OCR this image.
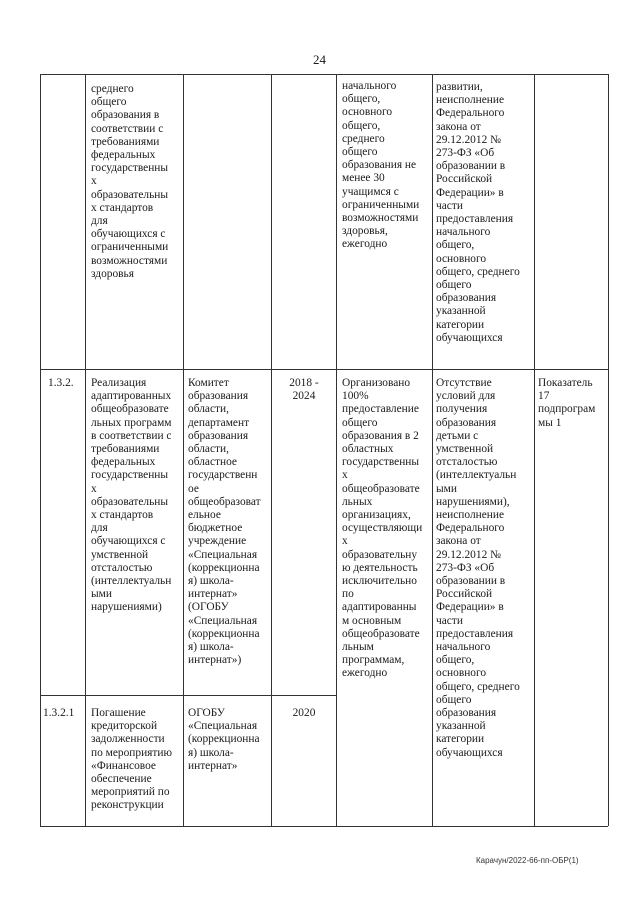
24

среднего
общего
образования в
соответствии с
требованиями
федеральных
государственны
х
образовательны
х стандартов
для
обучающихся с
ограниченными
возможностями
здоровья

начального
общего,
основного
общего,
среднего
общего
образования не
менее 30
учащимся с
ограниченными
возможностями
здоровья,
ежегодно

развитии,
неисполнение
Федерального
закона от
29.12.2012 №
273-ФЗ «Об
образовании в
Российской
Федерации» в
части
предоставления
начального
общего,
основного
общего, среднего
общего
образования
указанной
категории
обучающихся

1.3.2.	Реализация
адаптированных
общеобразовате
льных программ
в соответствии с
требованиями
федеральных
государственны
х
образовательны
х стандартов
для
обучающихся с
умственной
отсталостью
(интеллектуальн
ыми
нарушениями)

Комитет
образования
области,
департамент
образования
области,
областное
государственн
ое
общеобразоват
ельное
бюджетное
учреждение
«Специальная
(коррекционна
я) школа-
интернат»
(ОГОБУ
«Специальная
(коррекционна
я) школа-
интернат»)

2018 -
2024

Организовано
100%
предоставление
общего
образования в 2
областных
государственны
х
общеобразовате
льных
организациях,
осуществляющи
х
образовательну
ю деятельность
исключительно
по
адаптированны
м основным
общеобразовате
льным
программам,
ежегодно

Отсутствие
условий для
получения
образования
детьми с
умственной
отсталостью
(интеллектуальн
ыми
нарушениями),
неисполнение
Федерального
закона от
29.12.2012 №
273-ФЗ «Об
образовании в
Российской
Федерации» в
части
предоставления
начального
общего,
основного
общего, среднего
общего
образования
указанной
категории
обучающихся

Показатель
17
подпрограм
мы 1

1.3.2.1	Погашение
кредиторской
задолженности
по мероприятию
«Финансовое
обеспечение
мероприятий по
реконструкции

ОГОБУ
«Специальная
(коррекционна
я) школа-
интернат»

2020

Карачун/2022-66-пп-ОБР(1)
